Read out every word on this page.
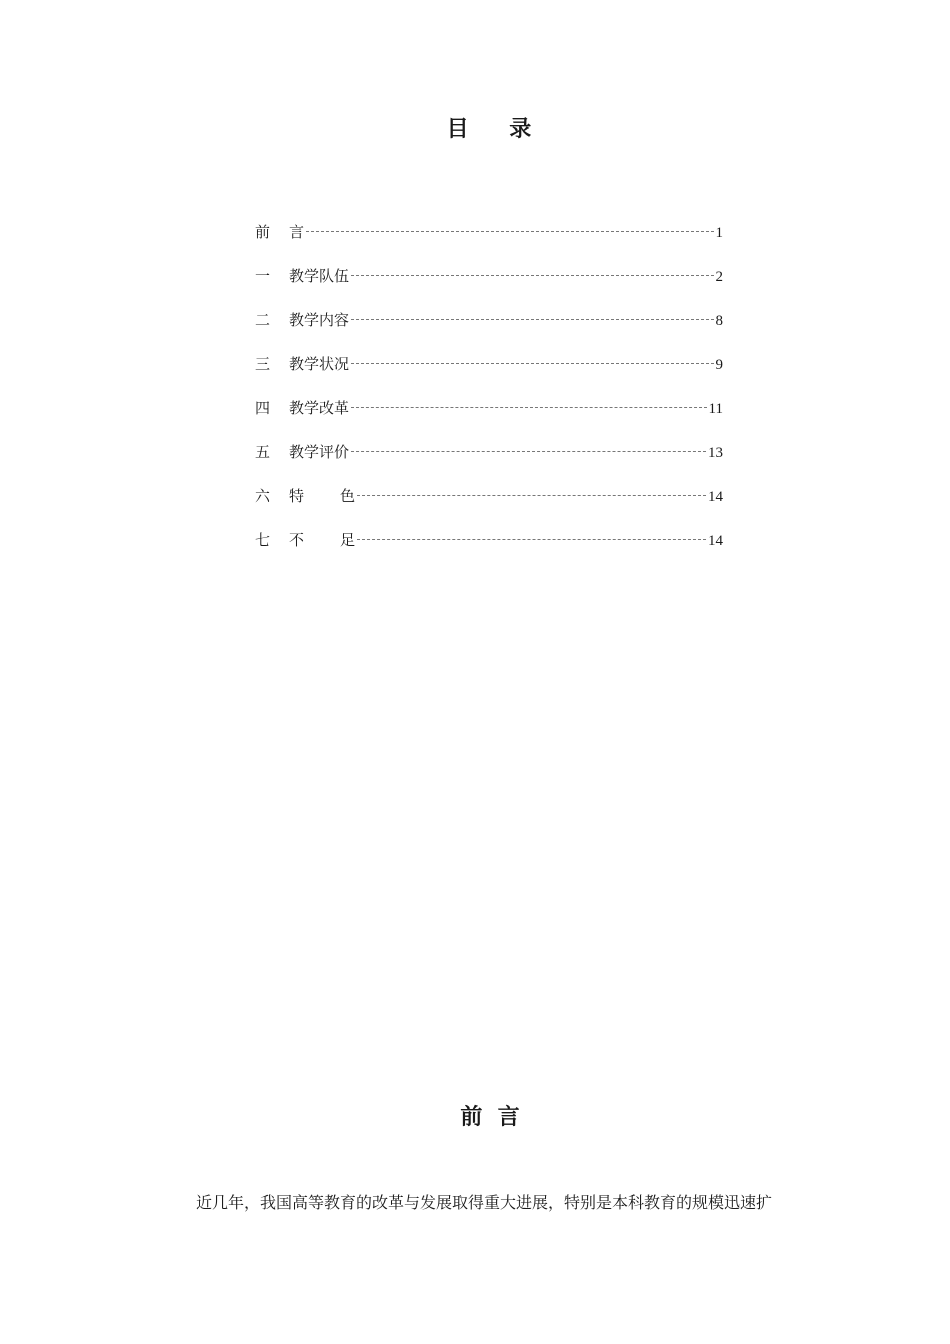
目    录
前	言	1
一	教学队伍	2
二	教学内容	8
三	教学状况	9
四	教学改革	11
五	教学评价	13
六	特 色	14
七	不 足	14
前  言

近几年，我国高等教育的改革与发展取得重大进展，特别是本科教育的规模迅速扩
